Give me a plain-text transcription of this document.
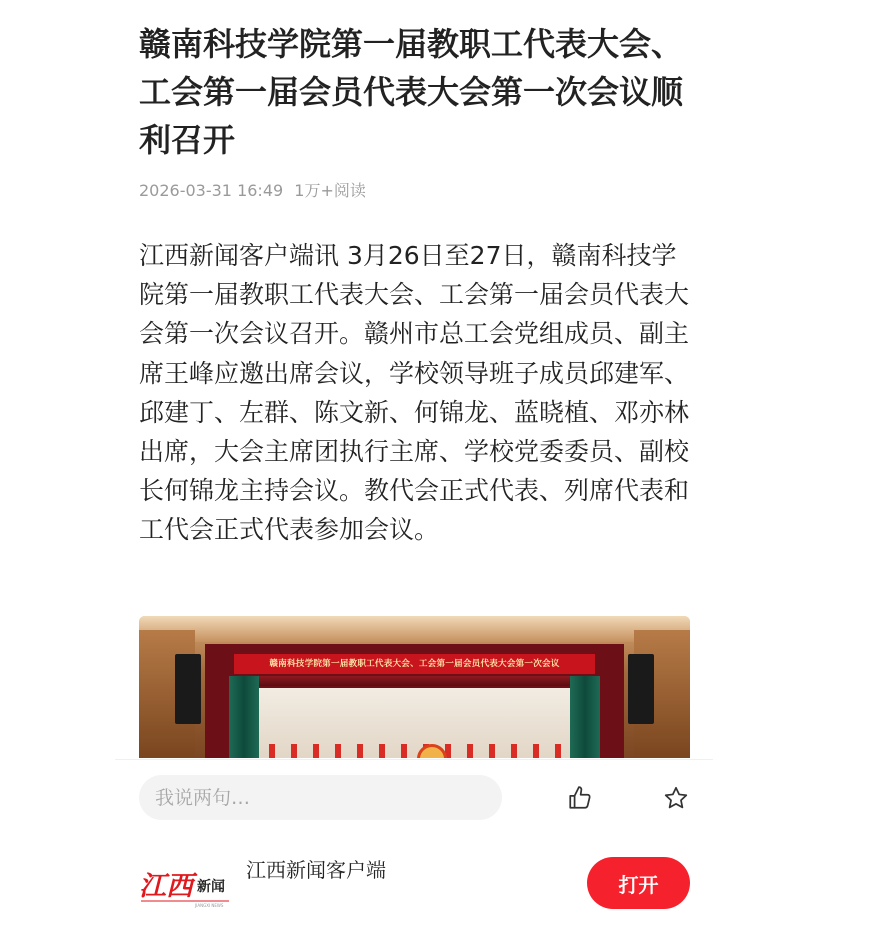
赣南科技学院第一届教职工代表大会、工会第一届会员代表大会第一次会议顺利召开
2026-03-31 16:49 1万+阅读

江西新闻客户端讯 3月26日至27日，赣南科技学院第一届教职工代表大会、工会第一届会员代表大会第一次会议召开。赣州市总工会党组成员、副主席王峰应邀出席会议，学校领导班子成员邱建军、邱建丁、左群、陈文新、何锦龙、蓝晓植、邓亦林出席，大会主席团执行主席、学校党委委员、副校长何锦龙主持会议。教代会正式代表、列席代表和工代会正式代表参加会议。

赣南科技学院第一届教职工代表大会、工会第一届会员代表大会第一次会议
我说两句…
江西 新闻
JIANGXI NEWS
江西新闻客户端
打开
